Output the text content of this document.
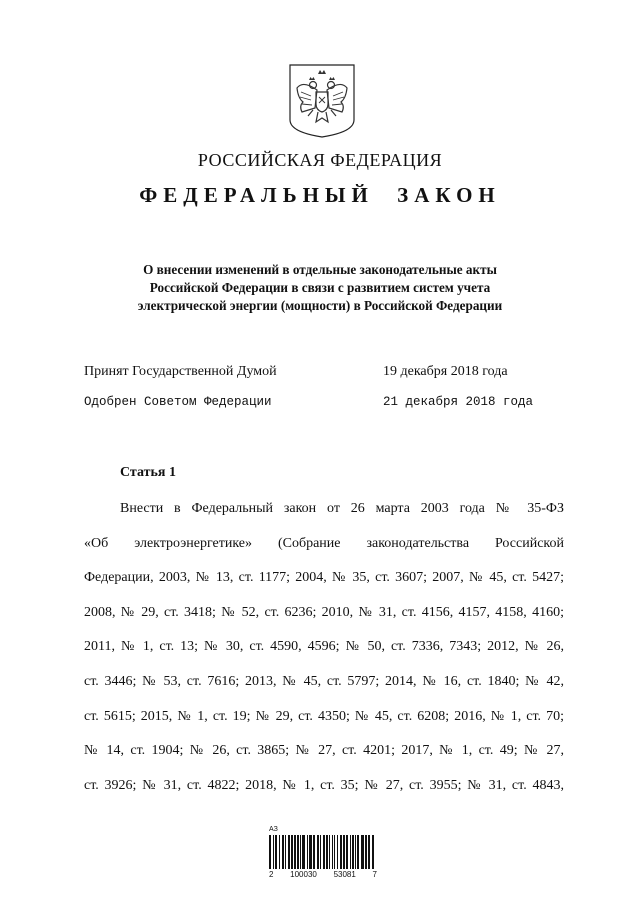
РОССИЙСКАЯ ФЕДЕРАЦИЯ
ФЕДЕРАЛЬНЫЙ ЗАКОН
О внесении изменений в отдельные законодательные акты
Российской Федерации в связи с развитием систем учета
электрической энергии (мощности) в Российской Федерации
Принят Государственной Думой	19 декабря 2018 года
Одобрен Советом Федерации	21 декабря 2018 года
Статья 1
Внести в Федеральный закон от 26 марта 2003 года № 35-ФЗ
«Об электроэнергетике» (Собрание законодательства Российской
Федерации, 2003, № 13, ст. 1177; 2004, № 35, ст. 3607; 2007, № 45, ст. 5427;
2008, № 29, ст. 3418; № 52, ст. 6236; 2010, № 31, ст. 4156, 4157, 4158, 4160;
2011, № 1, ст. 13; № 30, ст. 4590, 4596; № 50, ст. 7336, 7343; 2012, № 26,
ст. 3446; № 53, ст. 7616; 2013, № 45, ст. 5797; 2014, № 16, ст. 1840; № 42,
ст. 5615; 2015, № 1, ст. 19; № 29, ст. 4350; № 45, ст. 6208; 2016, № 1, ст. 70;
№ 14, ст. 1904; № 26, ст. 3865; № 27, ст. 4201; 2017, № 1, ст. 49; № 27,
ст. 3926; № 31, ст. 4822; 2018, № 1, ст. 35; № 27, ст. 3955; № 31, ст. 4843,
АЗ
2 100030 53081 7
